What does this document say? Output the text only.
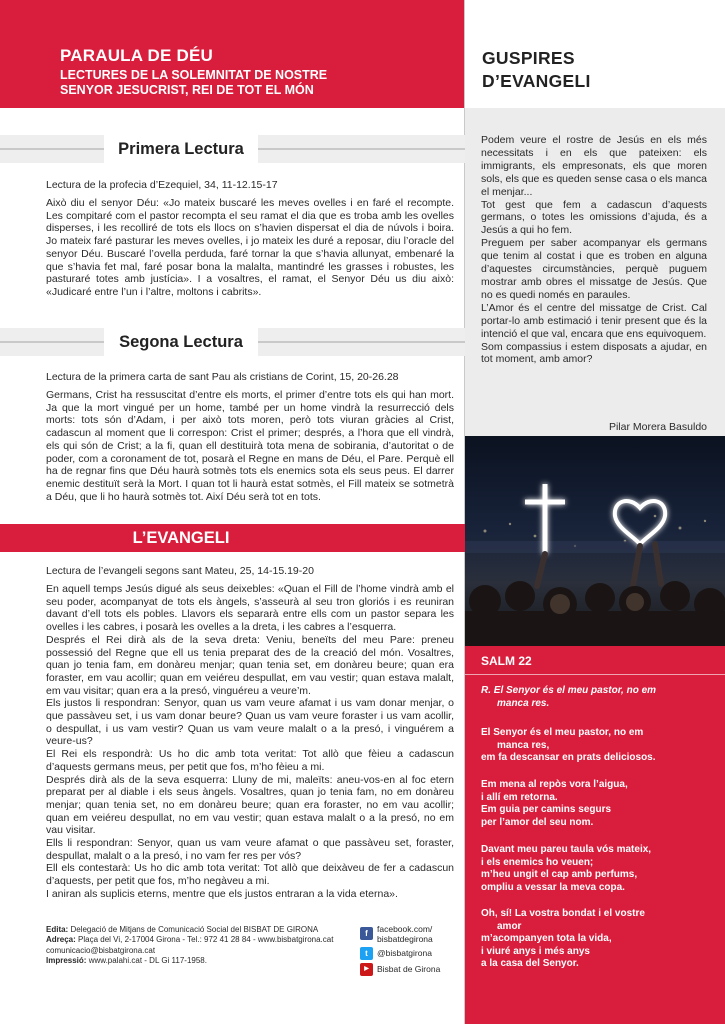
PARAULA DE DÉU
LECTURES DE LA SOLEMNITAT DE NOSTRE
SENYOR JESUCRIST, REI DE TOT EL MÓN
GUSPIRES
D’EVANGELI
Primera Lectura
Lectura de la profecia d’Ezequiel, 34, 11-12.15-17
Això diu el senyor Déu: «Jo mateix buscaré les meves ovelles i en faré el recompte. Les compitaré com el pastor recompta el seu ramat el dia que es troba amb les ovelles disperses, i les recolliré de tots els llocs on s’havien dispersat el dia de núvols i boira. Jo mateix faré pasturar les meves ovelles, i jo mateix les duré a reposar, diu l’oracle del senyor Déu. Buscaré l’ovella perduda, faré tornar la que s’havia allunyat, embenaré la que s’havia fet mal, faré posar bona la malalta, mantindré les grasses i robustes, les pasturaré totes amb justícia». I a vosaltres, el ramat, el Senyor Déu us diu això: «Judicaré entre l’un i l’altre, moltons i cabrits».
Segona Lectura
Lectura de la primera carta de sant Pau als cristians de Corint, 15, 20-26.28
Germans, Crist ha ressuscitat d’entre els morts, el primer d’entre tots els qui han mort. Ja que la mort vingué per un home, també per un home vindrà la resurrecció dels morts: tots són d’Adam, i per això tots moren, però tots viuran gràcies al Crist, cadascun al moment que li correspon: Crist el primer; després, a l’hora que ell vindrà, els qui són de Crist; a la fi, quan ell destituirà tota mena de sobirania, d’autoritat o de poder, com a coronament de tot, posarà el Regne en mans de Déu, el Pare. Perquè ell ha de regnar fins que Déu haurà sotmès tots els enemics sota els seus peus. El darrer enemic destituït serà la Mort. I quan tot li haurà estat sotmès, el Fill mateix se sotmetrà a Déu, que li ho haurà sotmès tot. Així Déu serà tot en tots.
L’EVANGELI
Lectura de l’evangeli segons sant Mateu, 25, 14-15.19-20

En aquell temps Jesús digué als seus deixebles: «Quan el Fill de l’home vindrà amb el seu poder, acompanyat de tots els àngels, s’asseurà al seu tron gloriós i es reuniran davant d’ell tots els pobles. Llavors els separarà entre ells com un pastor separa les ovelles i les cabres, i posarà les ovelles a la dreta, i les cabres a l’esquerra.

Després el Rei dirà als de la seva dreta: Veniu, beneïts del meu Pare: preneu possessió del Regne que ell us tenia preparat des de la creació del món. Vosaltres, quan jo tenia fam, em donàreu menjar; quan tenia set, em donàreu beure; quan era foraster, em vau acollir; quan em veiéreu despullat, em vau vestir; quan estava malalt, em vau visitar; quan era a la presó, vinguéreu a veure’m.

Els justos li respondran: Senyor, quan us vam veure afamat i us vam donar menjar, o que passàveu set, i us vam donar beure? Quan us vam veure foraster i us vam acollir, o despullat, i us vam vestir? Quan us vam veure malalt o a la presó, i vinguérem a veure-us?

El Rei els respondrà: Us ho dic amb tota veritat: Tot allò que fèieu a cadascun d’aquests germans meus, per petit que fos, m’ho fèieu a mi.

Després dirà als de la seva esquerra: Lluny de mi, maleïts: aneu-vos-en al foc etern preparat per al diable i els seus àngels. Vosaltres, quan jo tenia fam, no em donàreu menjar; quan tenia set, no em donàreu beure; quan era foraster, no em vau acollir; quan em veiéreu despullat, no em vau vestir; quan estava malalt o a la presó, no em vau visitar.

Ells li respondran: Senyor, quan us vam veure afamat o que passàveu set, foraster, despullat, malalt o a la presó, i no vam fer res per vós?

Ell els contestarà: Us ho dic amb tota veritat: Tot allò que deixàveu de fer a cadascun d’aquests, per petit que fos, m’ho negàveu a mi.

I aniran als suplicis eterns, mentre que els justos entraran a la vida eterna».

Podem veure el rostre de Jesús en els més necessitats i en els que pateixen: els immigrants, els empresonats, els que moren sols, els que es queden sense casa o els manca el menjar...

Tot gest que fem a cadascun d’aquests germans, o totes les omissions d’ajuda, és a Jesús a qui ho fem.

Preguem per saber acompanyar els germans que tenim al costat i que es troben en alguna d’aquestes circumstàncies, perquè puguem mostrar amb obres el missatge de Jesús. Que no es quedi només en paraules.

L’Amor és el centre del missatge de Crist. Cal portar-lo amb estimació i tenir present que és la intenció el que val, encara que ens equivoquem.

Som compassius i estem disposats a ajudar, en tot moment, amb amor?

Pilar Morera Basuldo
SALM 22
R. El Senyor és el meu pastor, no em
manca res.
El Senyor és el meu pastor, no em
manca res,
em fa descansar en prats deliciosos.
Em mena al repòs vora l’aigua,
i allí em retorna.
Em guia per camins segurs
per l’amor del seu nom.
Davant meu pareu taula vós mateix,
i els enemics ho veuen;
m’heu ungit el cap amb perfums,
ompliu a vessar la meva copa.
Oh, sí! La vostra bondat i el vostre
amor
m’acompanyen tota la vida,
i viuré anys i més anys
a la casa del Senyor.
Edita: Delegació de Mitjans de Comunicació Social del BISBAT DE GIRONA
Adreça: Plaça del Vi, 2-17004 Girona - Tel.: 972 41 28 84 - www.bisbatgirona.cat
comunicacio@bisbatgirona.cat
Impressió: www.palahi.cat - DL Gi 117-1958.
f	facebook.com/
bisbatdegirona
t	@bisbatgirona
▶ Bisbat de Girona
